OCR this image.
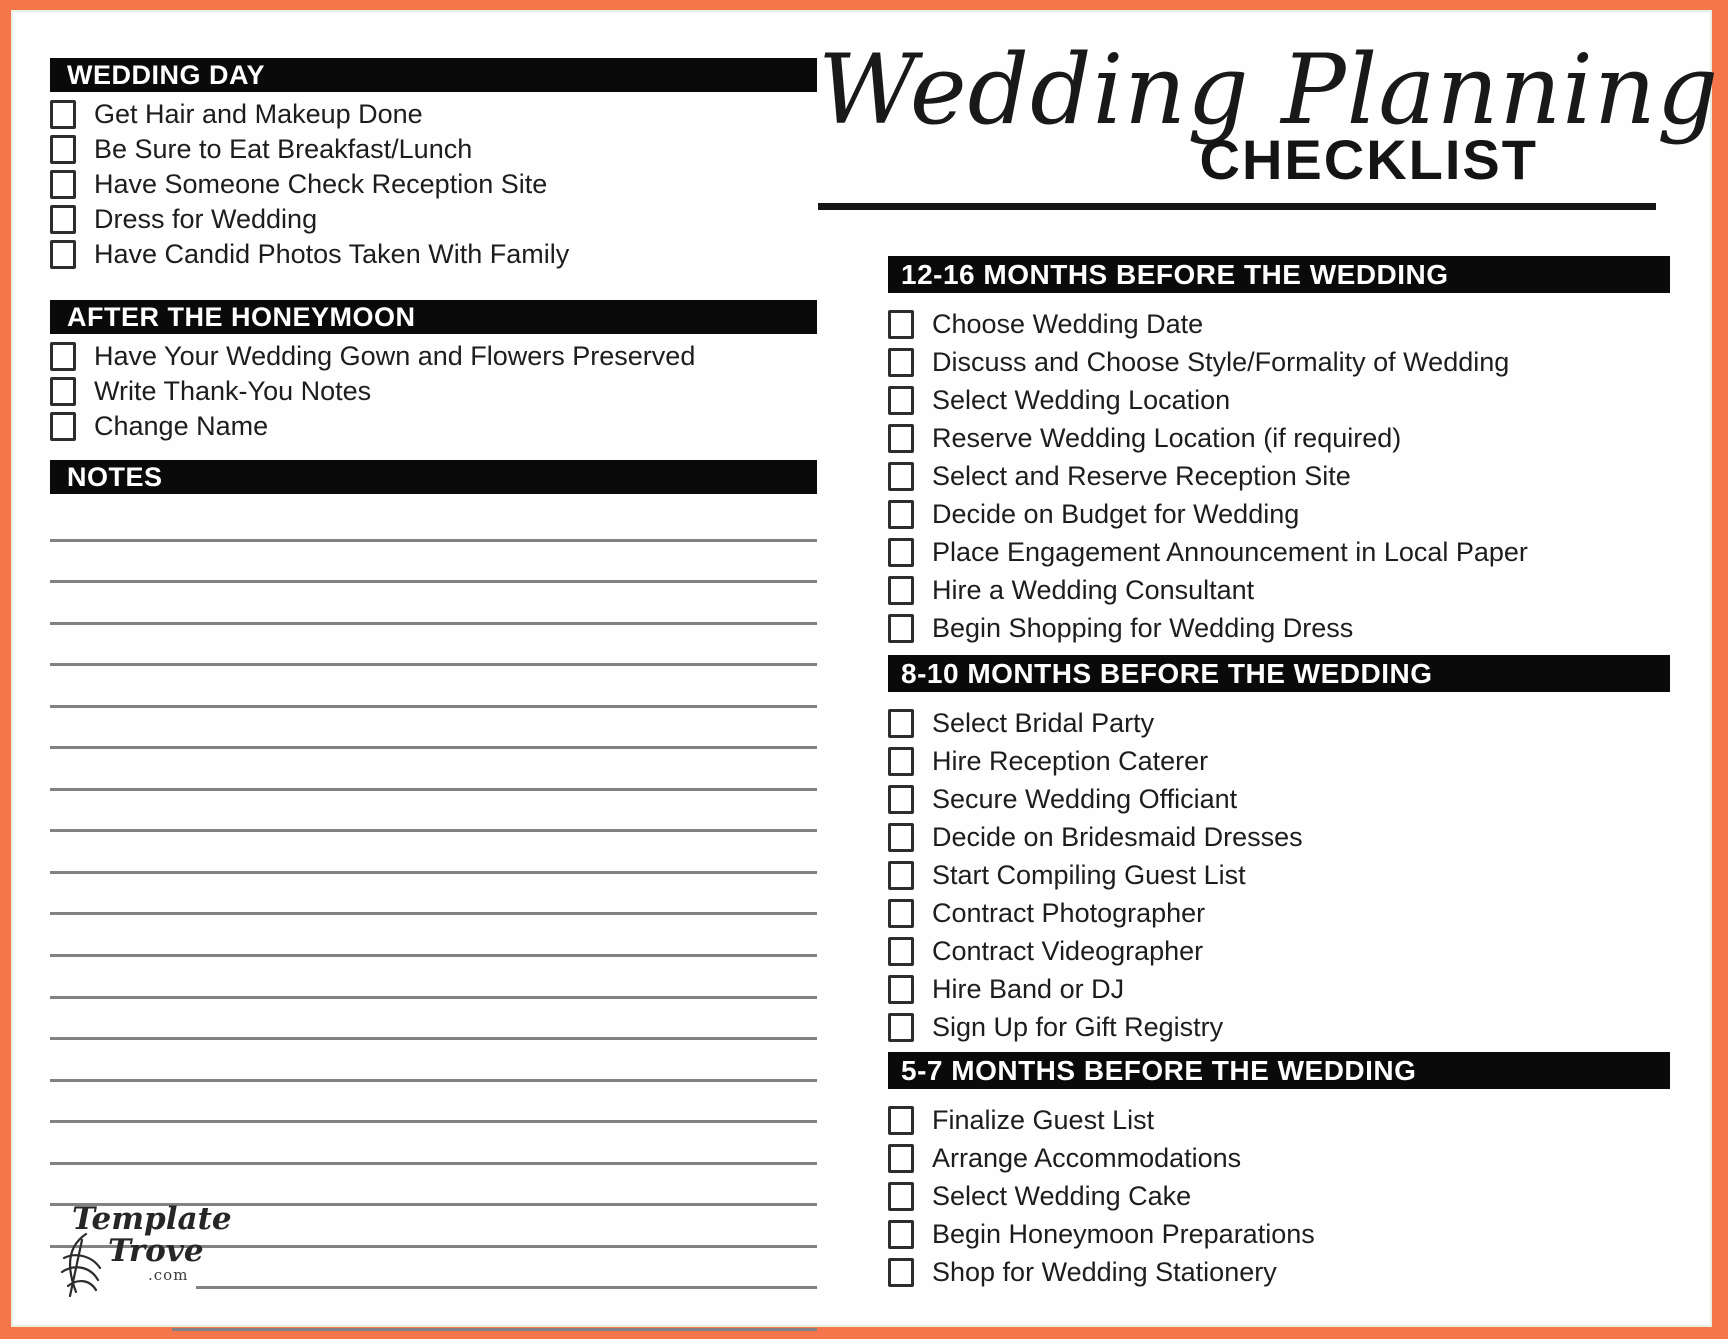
WEDDING DAY
Get Hair and Makeup Done
Be Sure to Eat Breakfast/Lunch
Have Someone Check Reception Site
Dress for Wedding
Have Candid Photos Taken With Family
AFTER THE HONEYMOON
Have Your Wedding Gown and Flowers Preserved
Write Thank-You Notes
Change Name
NOTES
Template
Trove
.com
Wedding Planning
CHECKLIST
12-16 MONTHS BEFORE THE WEDDING
Choose Wedding Date
Discuss and Choose Style/Formality of Wedding
Select Wedding Location
Reserve Wedding Location (if required)
Select and Reserve Reception Site
Decide on Budget for Wedding
Place Engagement Announcement in Local Paper
Hire a Wedding Consultant
Begin Shopping for Wedding Dress
8-10 MONTHS BEFORE THE WEDDING
Select Bridal Party
Hire Reception Caterer
Secure Wedding Officiant
Decide on Bridesmaid Dresses
Start Compiling Guest List
Contract Photographer
Contract Videographer
Hire Band or DJ
Sign Up for Gift Registry
5-7 MONTHS BEFORE THE WEDDING
Finalize Guest List
Arrange Accommodations
Select Wedding Cake
Begin Honeymoon Preparations
Shop for Wedding Stationery
